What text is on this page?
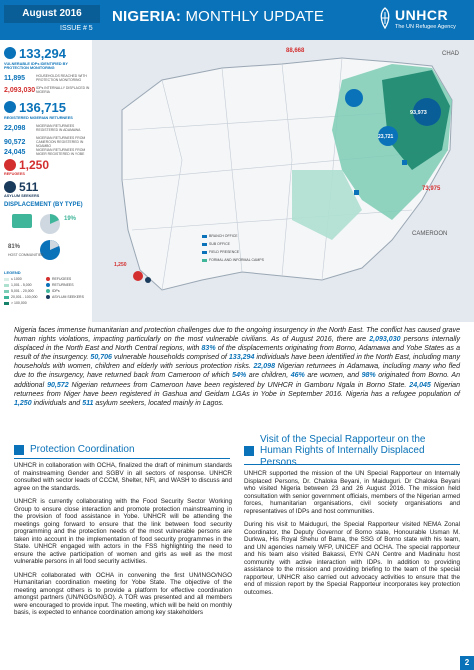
August 2016
ISSUE # 5
NIGERIA: MONTHLY UPDATE	UNHCR
The UN Refugee Agency
133,294
VULNERABLE IDPs IDENTIFIED BY PROTECTION MONITORING
11,895	HOUSEHOLDS REACHED WITH PROTECTION MONITORING
2,093,030 IDPs INTERNALLY DISPLACED IN NIGERIA
136,715
REGISTERED NIGERIAN RETURNEES
22,098	NIGERIAN RETURNEES REGISTERED IN ADAMAWA
90,572
NIGERIAN RETURNEES FROM CAMEROON REGISTERED IN NGAMBO
24,045	NIGERIAN RETURNEES FROM NIGER REGISTERED IN YOBE
1,250
REFUGEES
511
ASYLUM SEEKERS
DISPLACEMENT (BY TYPE)
19%
81%
HOST COMMUNITIES
LEGEND
≤ 1000
1,001 - 5,000
5,001 - 20,000
20,001 - 100,000
> 100,000
REFUGEES
RETURNEES
IDPs
ASYLUM SEEKERS
88,668
93,973
23,721
73,975
CAMEROON
CHAD
1,250
BRANCH OFFICE
SUB OFFICE
FIELD PRESENCE
FORMAL AND INFORMAL CAMPS
Nigeria faces immense humanitarian and protection challenges due to the ongoing insurgency in the North East. The conflict has caused grave human rights violations, impacting particularly on the most vulnerable civilians. As of August 2016, there are 2,093,030 persons internally displaced in the North East and North Central regions, with 83% of the displacements originating from Borno, Adamawa and Yobe States as a result of the insurgency. 50,706 vulnerable households comprised of 133,294 individuals have been identified in the North East, including many households with women, children and elderly with serious protection risks. 22,098 Nigerian returnees in Adamawa, including many who fled due to the insurgency, have returned back from Cameroon of which 54% are children, 46% are women, and 98% originated from Borno. An additional 90,572 Nigerian returnees from Cameroon have been registered by UNHCR in Gamboru Ngala in Borno State. 24,045 Nigerian returnees from Niger have been registered in Gashua and Geidam LGAs in Yobe in September 2016. Nigeria has a refugee population of 1,250 individuals and 511 asylum seekers, located mainly in Lagos.
Protection Coordination

UNHCR in collaboration with OCHA, finalized the draft of minimum standards of mainstreaming Gender and SGBV in all sectors of response. UNHCR consulted with sector leads of CCCM, Shelter, NFI, and WASH to discuss and agree on the standards.

UNHCR is currently collaborating with the Food Security Sector Working Group to ensure close interaction and promote protection mainstreaming in the provision of food assistance in Yobe. UNHCR will be attending the meetings going forward to ensure that the link between food security programming and the protection needs of the most vulnerable persons are taken into account in the implementation of food security programmes in the State. UNHCR engaged with actors in the FSS highlighting the need to ensure the active participation of women and girls as well as the most vulnerable persons in all food security activities.

UNHCR collaborated with OCHA in convening the first UN/INGO/NGO Humanitarian coordination meeting for Yobe State. The objective of the meeting amongst others is to provide a platform for effective coordination amongst partners (UN/NGOs/NGO). A TOR was presented and all members were encouraged to provide input. The meeting, which will be held on monthly basis, is expected to enhance coordination among key stakeholders

Visit of the Special Rapporteur on the Human Rights of Internally Displaced Persons

UNHCR supported the mission of the UN Special Rapporteur on Internally Displaced Persons, Dr. Chaloka Beyani, in Maiduguri. Dr Chaloka Beyani who visited Nigeria between 23 and 26 August 2016. The mission held consultation with senior government officials, members of the Nigerian armed forces, humanitarian organisations, civil society organisations and representatives of IDPs and host communities.

During his visit to Maiduguri, the Special Rapporteur visited NEMA Zonal Coordinator, the Deputy Governor of Borno state, Honourable Usman M. Durkwa, His Royal Shehu of Bama, the SSG of Borno state with his team, and UN agencies namely WFP, UNICEF and OCHA. The special rapporteur and his team also visited Bakassi, EYN CAN Centre and Madinatu host community with active interaction with IDPs. In addition to providing assistance to the mission and providing briefing to the team of the special rapporteur, UNHCR also carried out advocacy activities to ensure that the end of mission report by the Special Rapporteur incorporates key protection outcomes.

2
